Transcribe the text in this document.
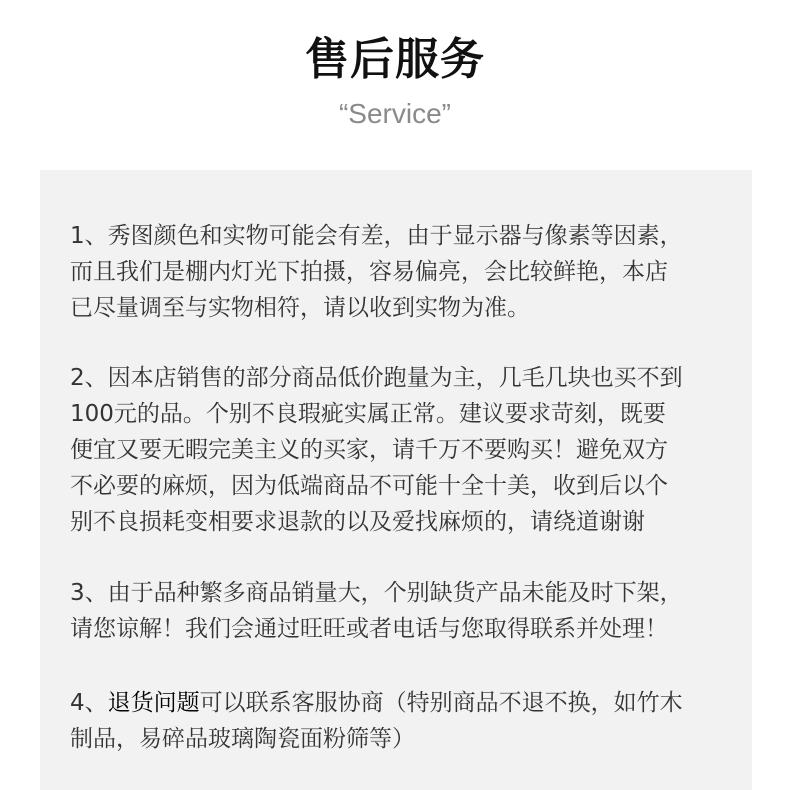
售后服务
“Service”
1、秀图颜色和实物可能会有差，由于显示器与像素等因素，
而且我们是棚内灯光下拍摄，容易偏亮，会比较鲜艳，本店
已尽量调至与实物相符，请以收到实物为准。
2、因本店销售的部分商品低价跑量为主，几毛几块也买不到
100元的品。个别不良瑕疵实属正常。建议要求苛刻，既要
便宜又要无暇完美主义的买家，请千万不要购买！避免双方
不必要的麻烦，因为低端商品不可能十全十美，收到后以个
别不良损耗变相要求退款的以及爱找麻烦的，请绕道谢谢
3、由于品种繁多商品销量大，个别缺货产品未能及时下架，
请您谅解！我们会通过旺旺或者电话与您取得联系并处理！
4、退货问题可以联系客服协商（特别商品不退不换，如竹木
制品，易碎品玻璃陶瓷面粉筛等）
